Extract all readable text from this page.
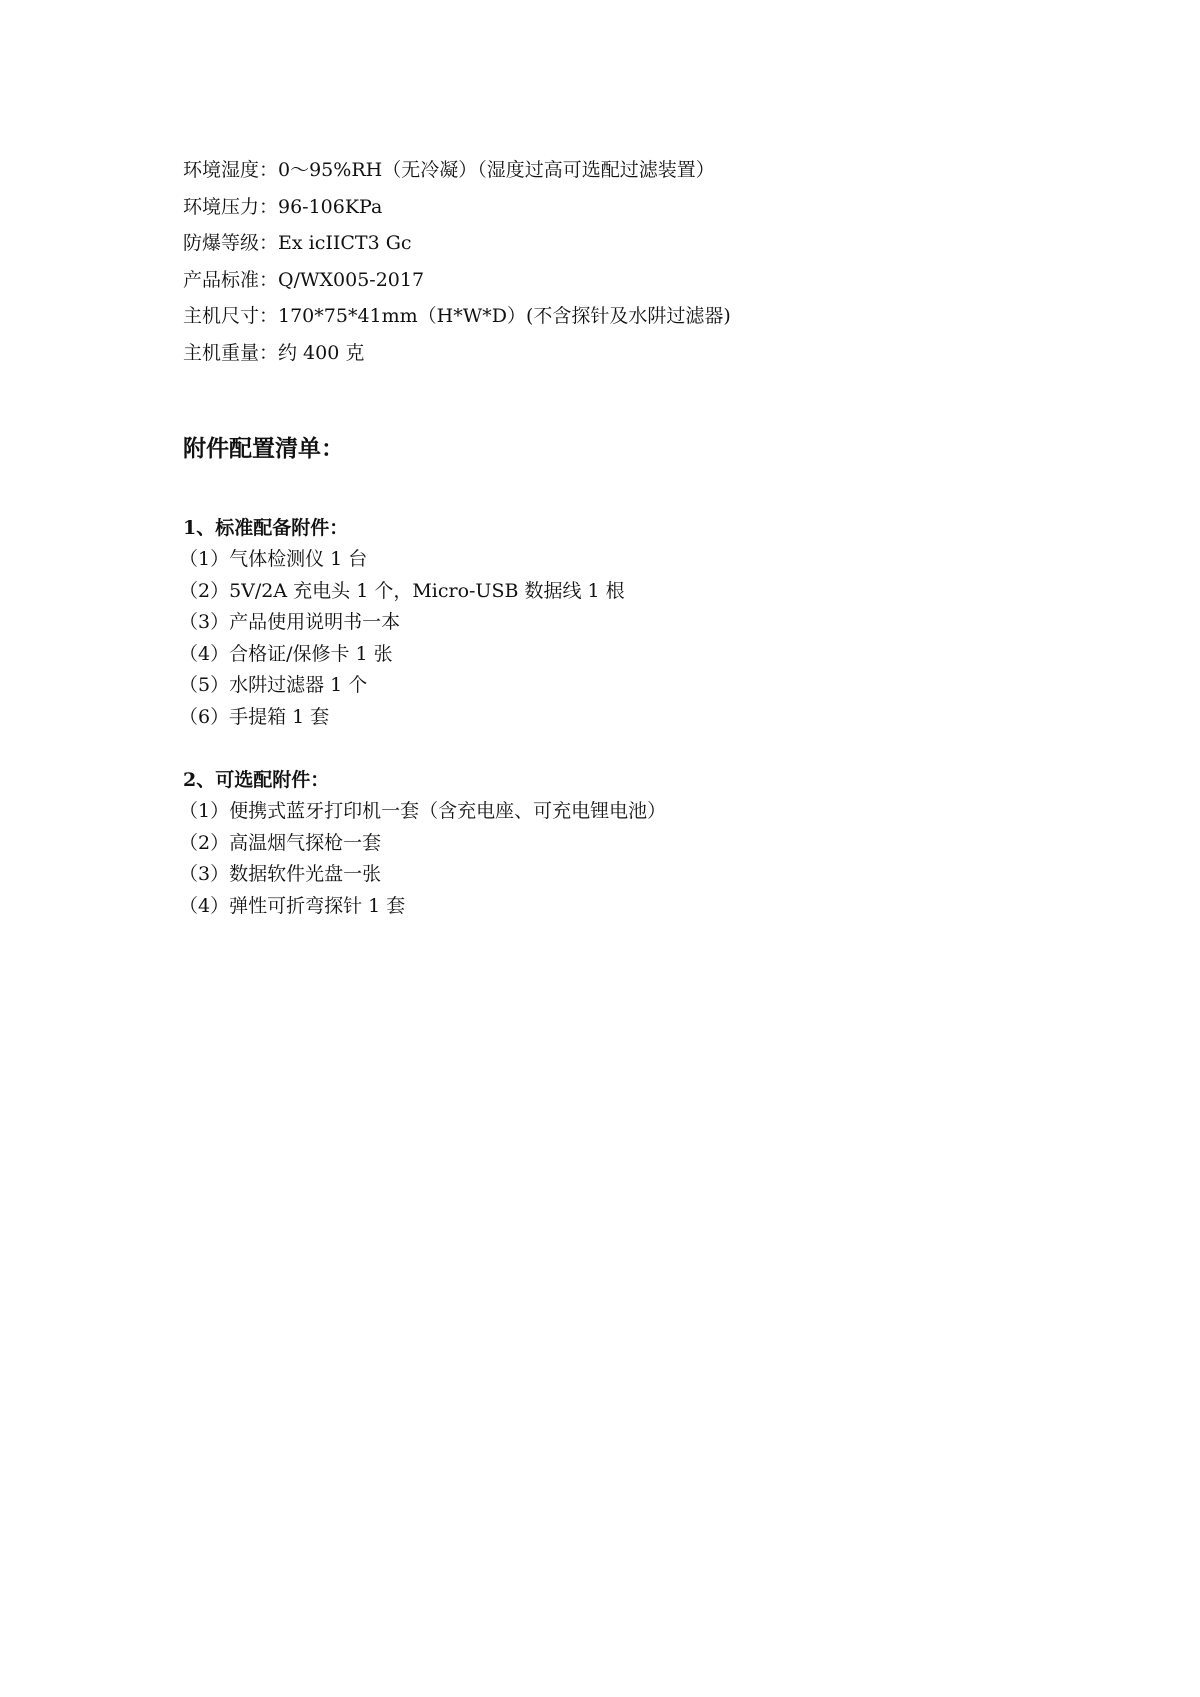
环境湿度：0～95%RH（无冷凝）（湿度过高可选配过滤装置）
环境压力：96-106KPa
防爆等级：Ex icIICT3 Gc
产品标准：Q/WX005-2017
主机尺寸：170*75*41mm（H*W*D）(不含探针及水阱过滤器)
主机重量：约 400 克
附件配置清单：
1、标准配备附件：
（1）气体检测仪 1 台
（2）5V/2A 充电头 1 个，Micro-USB 数据线 1 根
（3）产品使用说明书一本
（4）合格证/保修卡 1 张
（5）水阱过滤器 1 个
（6）手提箱 1 套
2、可选配附件：
（1）便携式蓝牙打印机一套（含充电座、可充电锂电池）
（2）高温烟气探枪一套
（3）数据软件光盘一张
（4）弹性可折弯探针 1 套
